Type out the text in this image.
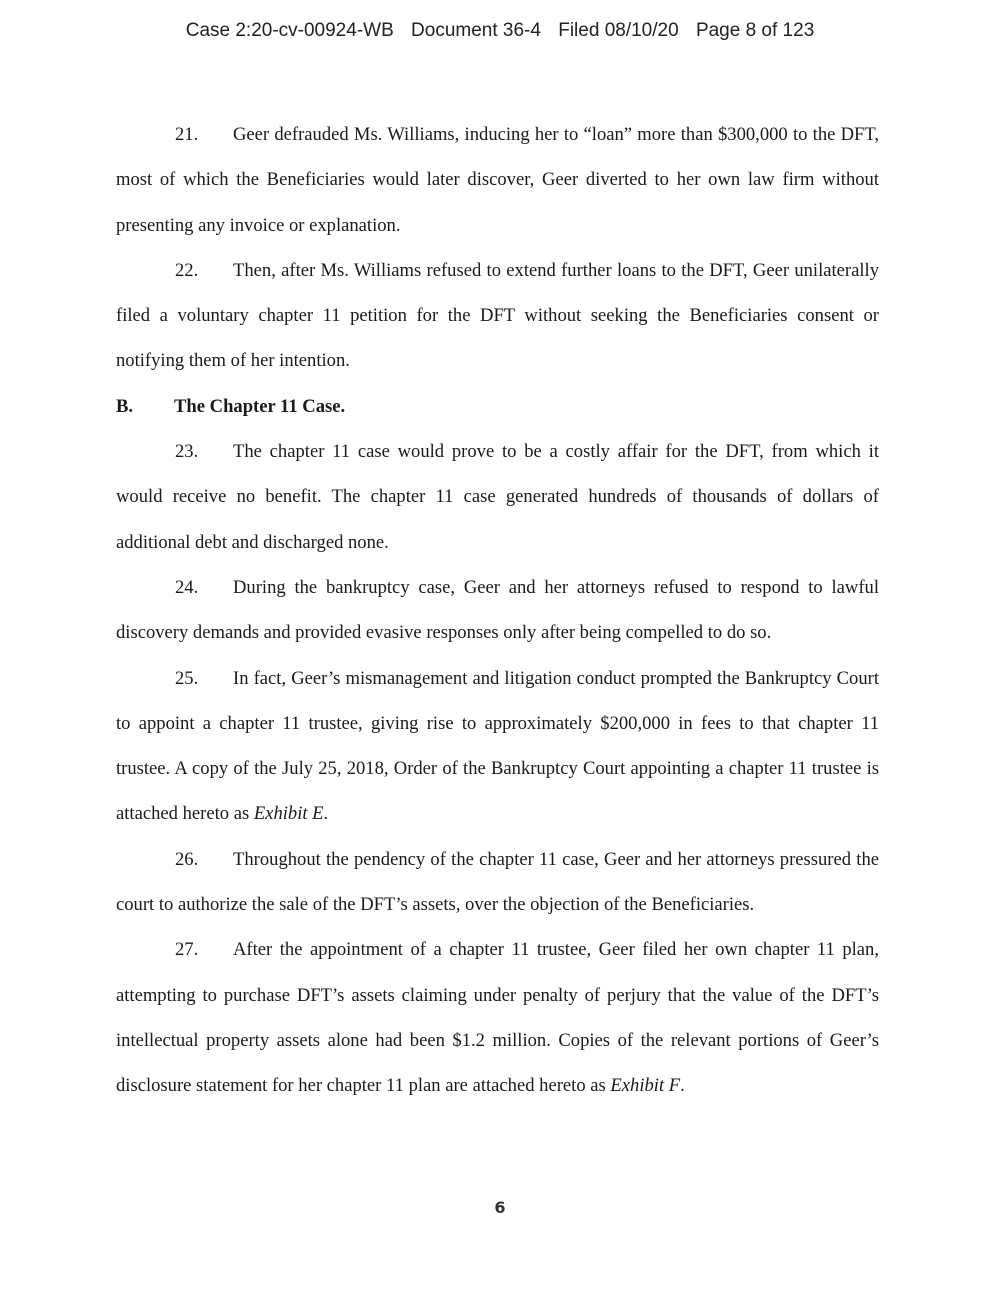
Case 2:20-cv-00924-WB Document 36-4 Filed 08/10/20 Page 8 of 123

21. Geer defrauded Ms. Williams, inducing her to “loan” more than $300,000 to the DFT, most of which the Beneficiaries would later discover, Geer diverted to her own law firm without presenting any invoice or explanation.

22. Then, after Ms. Williams refused to extend further loans to the DFT, Geer unilaterally filed a voluntary chapter 11 petition for the DFT without seeking the Beneficiaries consent or notifying them of her intention.

B. The Chapter 11 Case.

23. The chapter 11 case would prove to be a costly affair for the DFT, from which it would receive no benefit. The chapter 11 case generated hundreds of thousands of dollars of additional debt and discharged none.

24. During the bankruptcy case, Geer and her attorneys refused to respond to lawful discovery demands and provided evasive responses only after being compelled to do so.

25. In fact, Geer’s mismanagement and litigation conduct prompted the Bankruptcy Court to appoint a chapter 11 trustee, giving rise to approximately $200,000 in fees to that chapter 11 trustee. A copy of the July 25, 2018, Order of the Bankruptcy Court appointing a chapter 11 trustee is attached hereto as Exhibit E.

26. Throughout the pendency of the chapter 11 case, Geer and her attorneys pressured the court to authorize the sale of the DFT’s assets, over the objection of the Beneficiaries.

27. After the appointment of a chapter 11 trustee, Geer filed her own chapter 11 plan, attempting to purchase DFT’s assets claiming under penalty of perjury that the value of the DFT’s intellectual property assets alone had been $1.2 million. Copies of the relevant portions of Geer’s disclosure statement for her chapter 11 plan are attached hereto as Exhibit F.

6
